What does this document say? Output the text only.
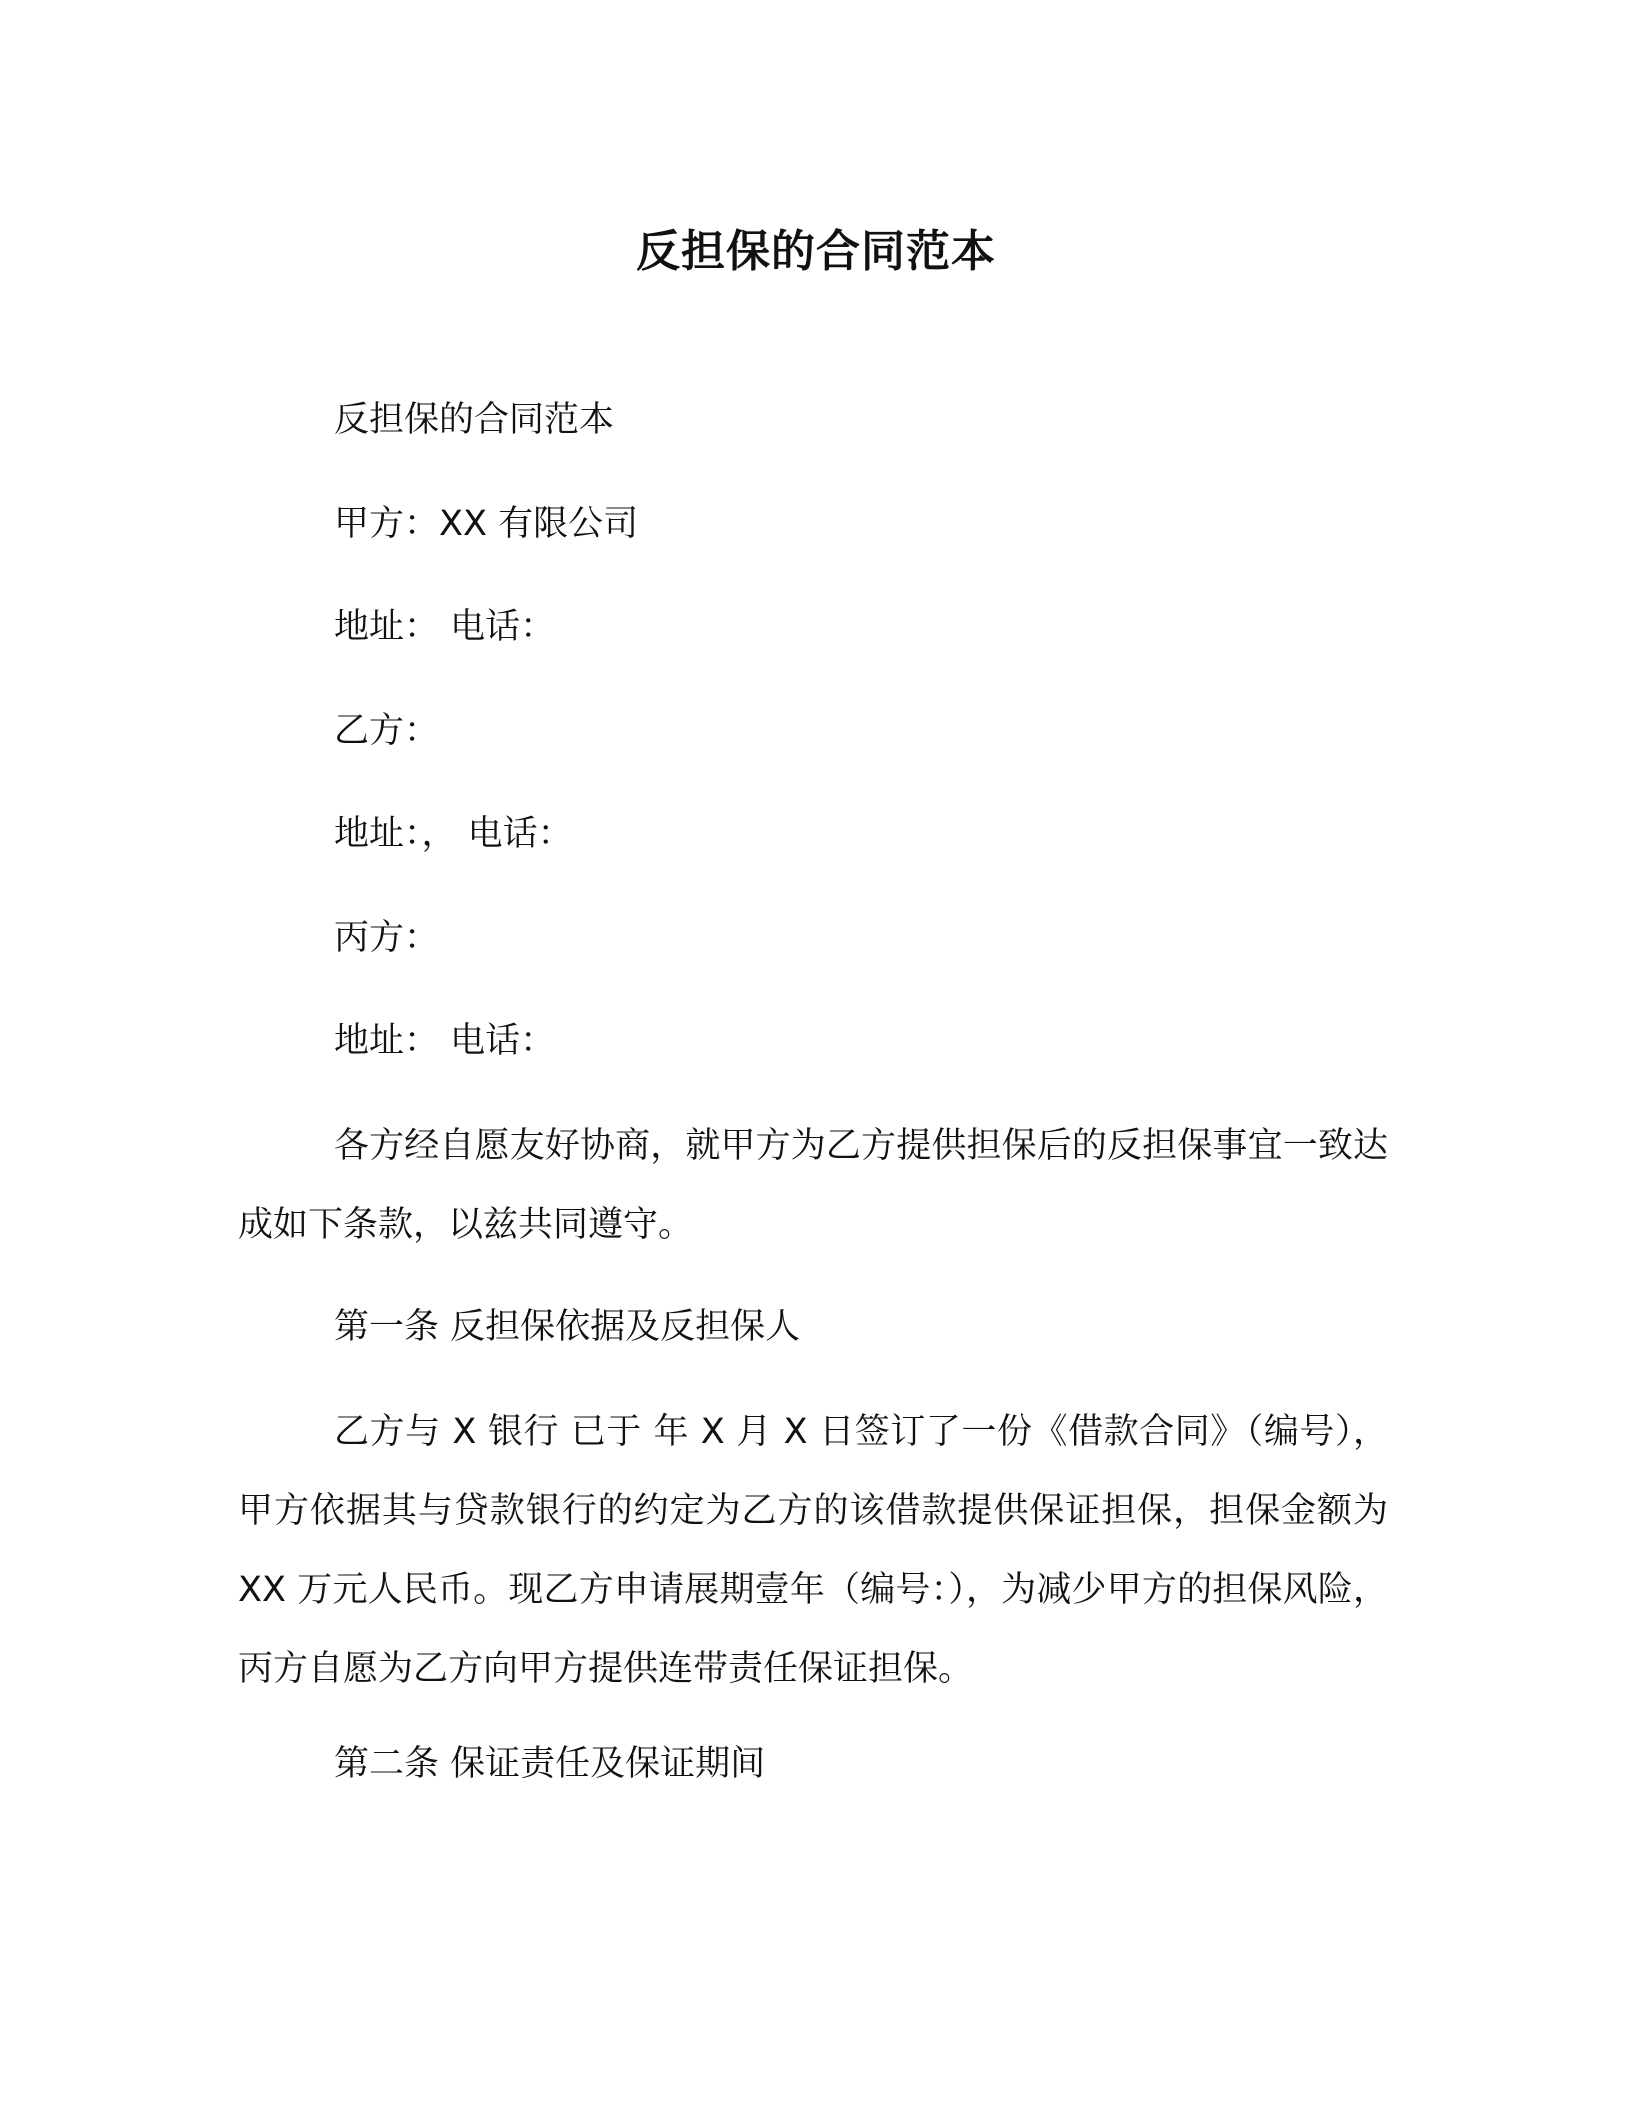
反担保的合同范本
反担保的合同范本
甲方：XX 有限公司
地址： 电话：
乙方：
地址：， 电话：
丙方：
地址： 电话：

各方经自愿友好协商，就甲方为乙方提供担保后的反担保事宜一致达成如下条款，以兹共同遵守。

第一条 反担保依据及反担保人

乙方与 X 银行 已于 年 X 月 X 日签订了一份《借款合同》（编号），甲方依据其与贷款银行的约定为乙方的该借款提供保证担保，担保金额为 XX 万元人民币。现乙方申请展期壹年（编号：），为减少甲方的担保风险，丙方自愿为乙方向甲方提供连带责任保证担保。

第二条 保证责任及保证期间
